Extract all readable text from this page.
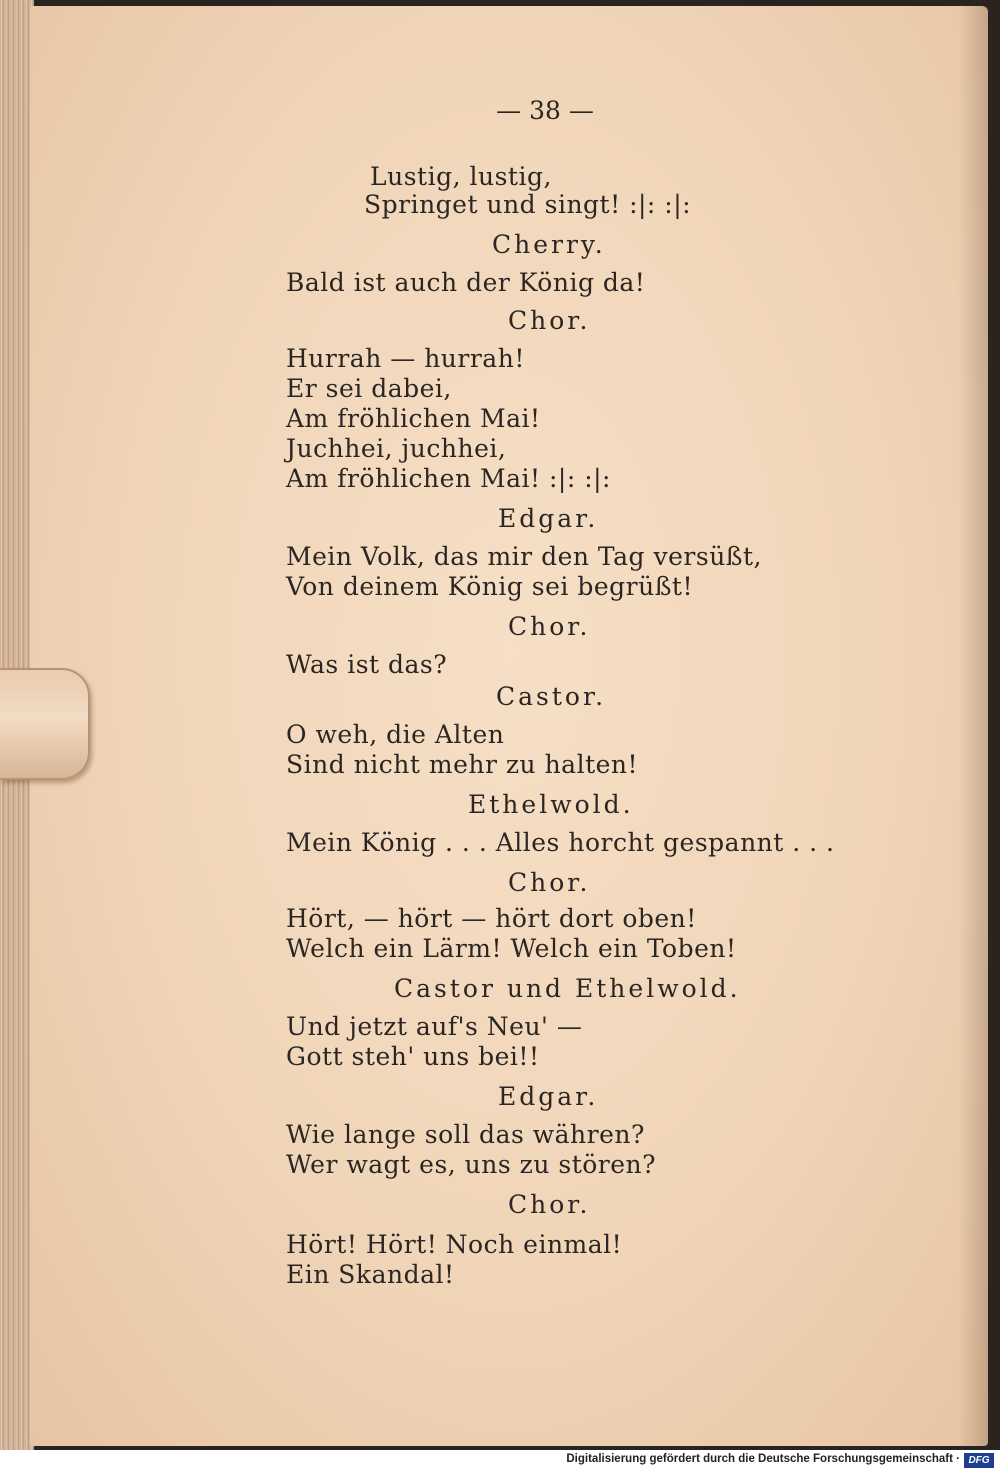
— 38 —
Lustig, lustig,
Springet und singt! :|: :|:
Cherry.
Bald ist auch der König da!
Chor.
Hurrah — hurrah!
Er sei dabei,
Am fröhlichen Mai!
Juchhei, juchhei,
Am fröhlichen Mai! :|: :|:
Edgar.
Mein Volk, das mir den Tag versüßt,
Von deinem König sei begrüßt!
Chor.
Was ist das?
Castor.
O weh, die Alten
Sind nicht mehr zu halten!
Ethelwold.
Mein König . . . Alles horcht gespannt . . .
Chor.
Hört, — hört — hört dort oben!
Welch ein Lärm! Welch ein Toben!
Castor und Ethelwold.
Und jetzt auf's Neu' —
Gott steh' uns bei!!
Edgar.
Wie lange soll das währen?
Wer wagt es, uns zu stören?
Chor.
Hört! Hört! Noch einmal!
Ein Skandal!
Digitalisierung gefördert durch die Deutsche Forschungsgemeinschaft · DFG
